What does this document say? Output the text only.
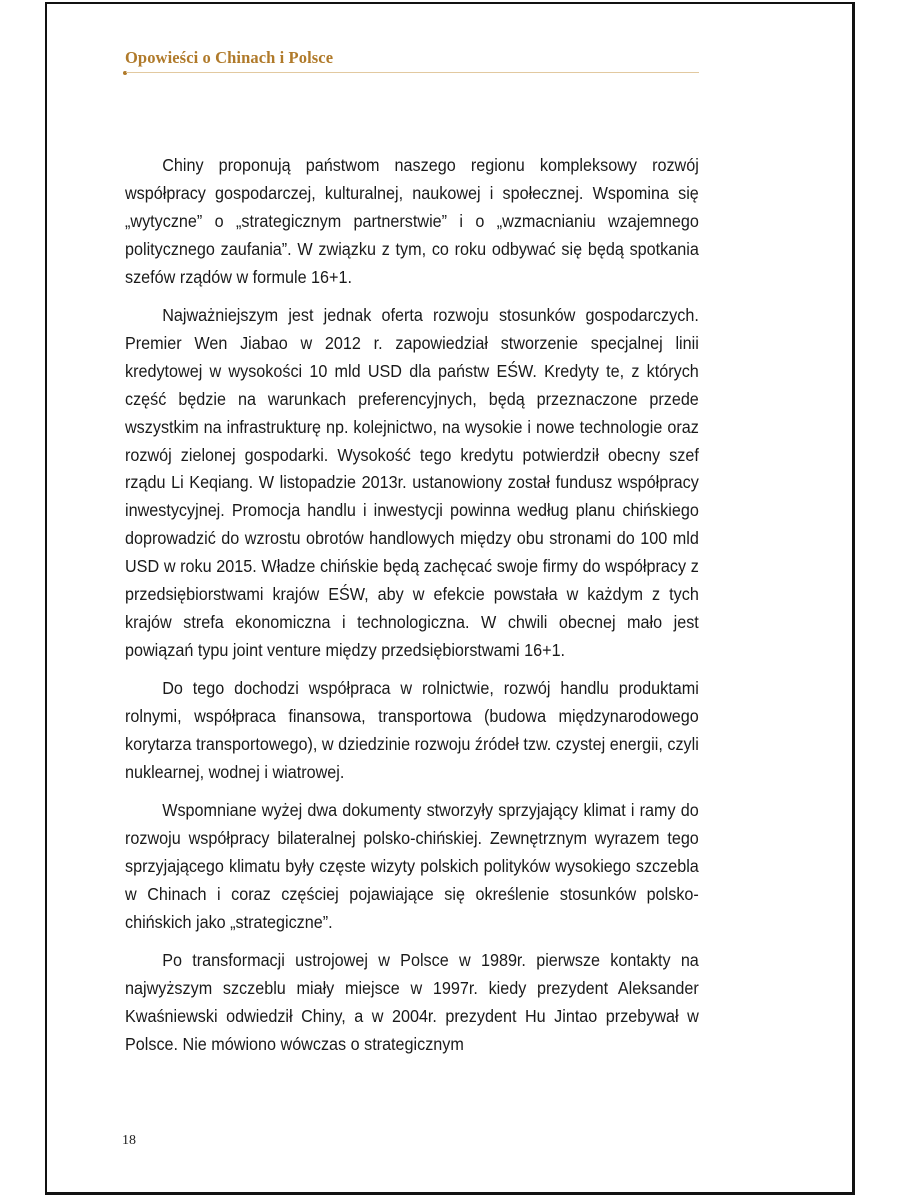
Opowieści o Chinach i Polsce

Chiny proponują państwom naszego regionu kompleksowy rozwój współpracy gospodarczej, kulturalnej, naukowej i społecznej. Wspomina się „wytyczne” o „strategicznym partnerstwie” i o „wzmacnianiu wzajemnego politycznego zaufania”. W związku z tym, co roku odbywać się będą spotkania szefów rządów w formule 16+1.

Najważniejszym jest jednak oferta rozwoju stosunków gospodarczych. Premier Wen Jiabao w 2012 r. zapowiedział stworzenie specjalnej linii kredytowej w wysokości 10 mld USD dla państw EŚW. Kredyty te, z których część będzie na warunkach preferencyjnych, będą przeznaczone przede wszystkim na infrastrukturę np. kolejnictwo, na wysokie i nowe technologie oraz rozwój zielonej gospodarki. Wysokość tego kredytu potwierdził obecny szef rządu Li Keqiang. W listopadzie 2013r. ustanowiony został fundusz współpracy inwestycyjnej. Promocja handlu i inwestycji powinna według planu chińskiego doprowadzić do wzrostu obrotów handlowych między obu stronami do 100 mld USD w roku 2015. Władze chińskie będą zachęcać swoje firmy do współpracy z przedsiębiorstwami krajów EŚW, aby w efekcie powstała w każdym z tych krajów strefa ekonomiczna i technologiczna. W chwili obecnej mało jest powiązań typu joint venture między przedsiębiorstwami 16+1.

Do tego dochodzi współpraca w rolnictwie, rozwój handlu produktami rolnymi, współpraca finansowa, transportowa (budowa międzynarodowego korytarza transportowego), w dziedzinie rozwoju źródeł tzw. czystej energii, czyli nuklearnej, wodnej i wiatrowej.

Wspomniane wyżej dwa dokumenty stworzyły sprzyjający klimat i ramy do rozwoju współpracy bilateralnej polsko-chińskiej. Zewnętrznym wyrazem tego sprzyjającego klimatu były częste wizyty polskich polityków wysokiego szczebla w Chinach i coraz częściej pojawiające się określenie stosunków polsko-chińskich jako „strategiczne”.

Po transformacji ustrojowej w Polsce w 1989r. pierwsze kontakty na najwyższym szczeblu miały miejsce w 1997r. kiedy prezydent Aleksander Kwaśniewski odwiedził Chiny, a w 2004r. prezydent Hu Jintao przebywał w Polsce. Nie mówiono wówczas o strategicznym

18
